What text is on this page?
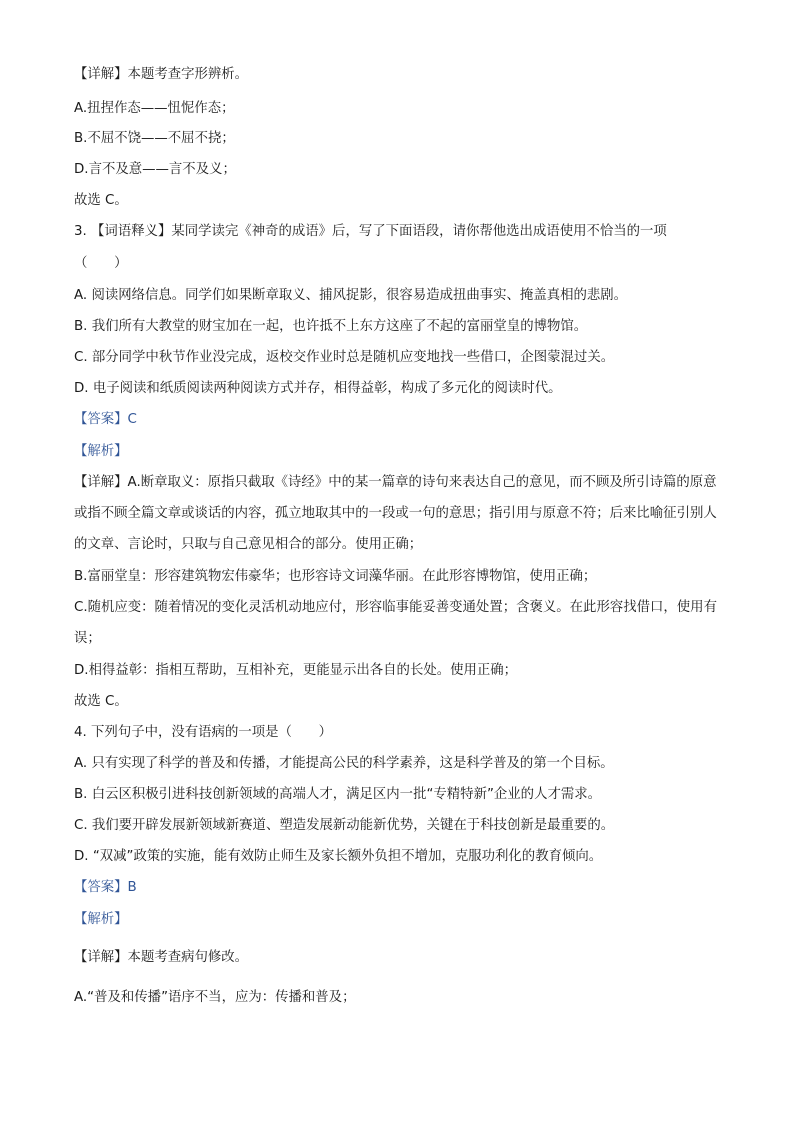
【详解】本题考查字形辨析。

A.扭捏作态——忸怩作态；

B.不屈不饶——不屈不挠；

D.言不及意——言不及义；

故选 C。

3. 【词语释义】某同学读完《神奇的成语》后，写了下面语段，请你帮他选出成语使用不恰当的一项

（　　）

A. 阅读网络信息。同学们如果断章取义、捕风捉影，很容易造成扭曲事实、掩盖真相的悲剧。

B. 我们所有大教堂的财宝加在一起，也许抵不上东方这座了不起的富丽堂皇的博物馆。

C. 部分同学中秋节作业没完成，返校交作业时总是随机应变地找一些借口，企图蒙混过关。

D. 电子阅读和纸质阅读两种阅读方式并存，相得益彰，构成了多元化的阅读时代。

【答案】C

【解析】

【详解】A.断章取义：原指只截取《诗经》中的某一篇章的诗句来表达自己的意见，而不顾及所引诗篇的原意或指不顾全篇文章或谈话的内容，孤立地取其中的一段或一句的意思；指引用与原意不符；后来比喻征引别人的文章、言论时，只取与自己意见相合的部分。使用正确；

B.富丽堂皇：形容建筑物宏伟豪华；也形容诗文词藻华丽。在此形容博物馆，使用正确；

C.随机应变：随着情况的变化灵活机动地应付，形容临事能妥善变通处置；含褒义。在此形容找借口，使用有误；

D.相得益彰：指相互帮助，互相补充，更能显示出各自的长处。使用正确；

故选 C。

4. 下列句子中，没有语病的一项是（　　）

A. 只有实现了科学的普及和传播，才能提高公民的科学素养，这是科学普及的第一个目标。

B. 白云区积极引进科技创新领域的高端人才，满足区内一批“专精特新”企业的人才需求。

C. 我们要开辟发展新领域新赛道、塑造发展新动能新优势，关键在于科技创新是最重要的。

D. “双减”政策的实施，能有效防止师生及家长额外负担不增加，克服功利化的教育倾向。

【答案】B

【解析】

【详解】本题考查病句修改。

A.“普及和传播”语序不当，应为：传播和普及；
